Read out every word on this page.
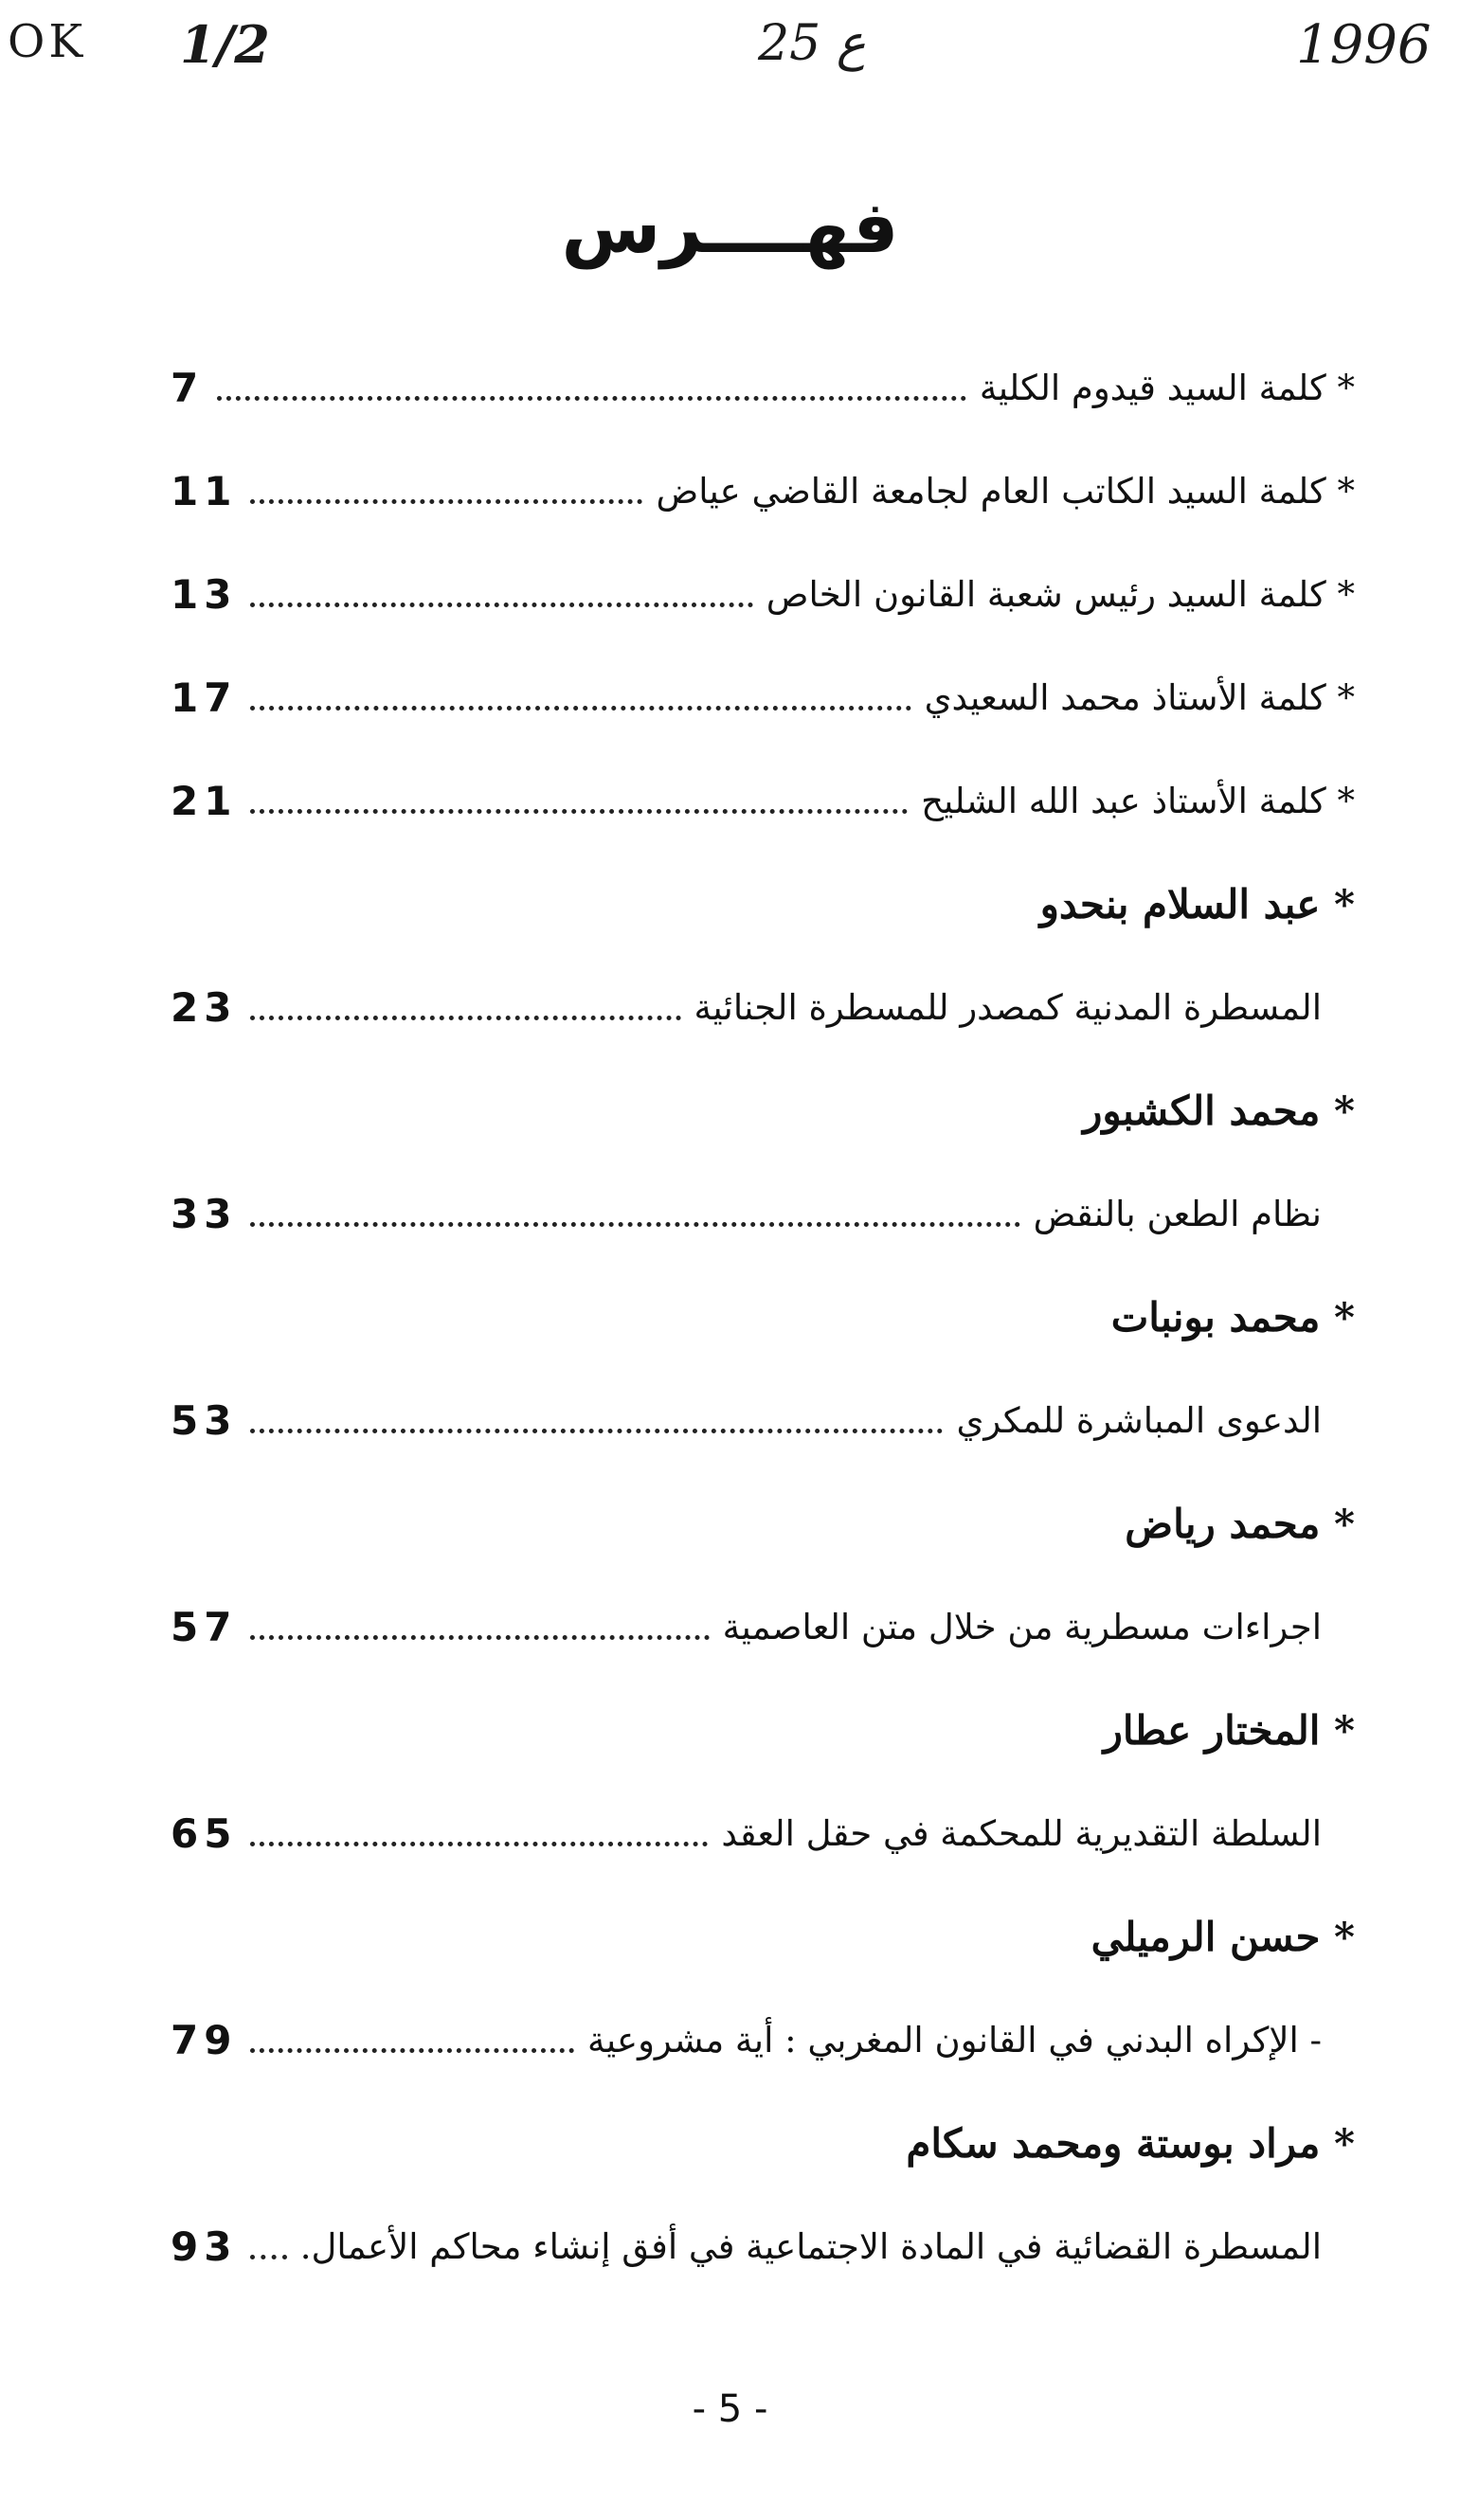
OK 1/2	ع 25	1996
فهــــرس
* كلمة السيد قيدوم الكلية
7
* كلمة السيد الكاتب العام لجامعة القاضي عياض
11
* كلمة السيد رئيس شعبة القانون الخاص
13
* كلمة الأستاذ محمد السعيدي
17
* كلمة الأستاذ عبد الله الشليح
21
* عبد السلام بنحدو
المسطرة المدنية كمصدر للمسطرة الجنائية
23
* محمد الكشبور
نظام الطعن بالنقض
33
* محمد بونبات
الدعوى المباشرة للمكري
53
* محمد رياض
اجراءات مسطرية من خلال متن العاصمية
57
* المختار عطار
السلطة التقديرية للمحكمة في حقل العقد
65
* حسن الرميلي
- الإكراه البدني في القانون المغربي : أية مشروعية
79
* مراد بوستة ومحمد سكام
المسطرة القضائية في المادة الاجتماعية في أفق إنشاء محاكم الأعمال.
93
- 5 -
